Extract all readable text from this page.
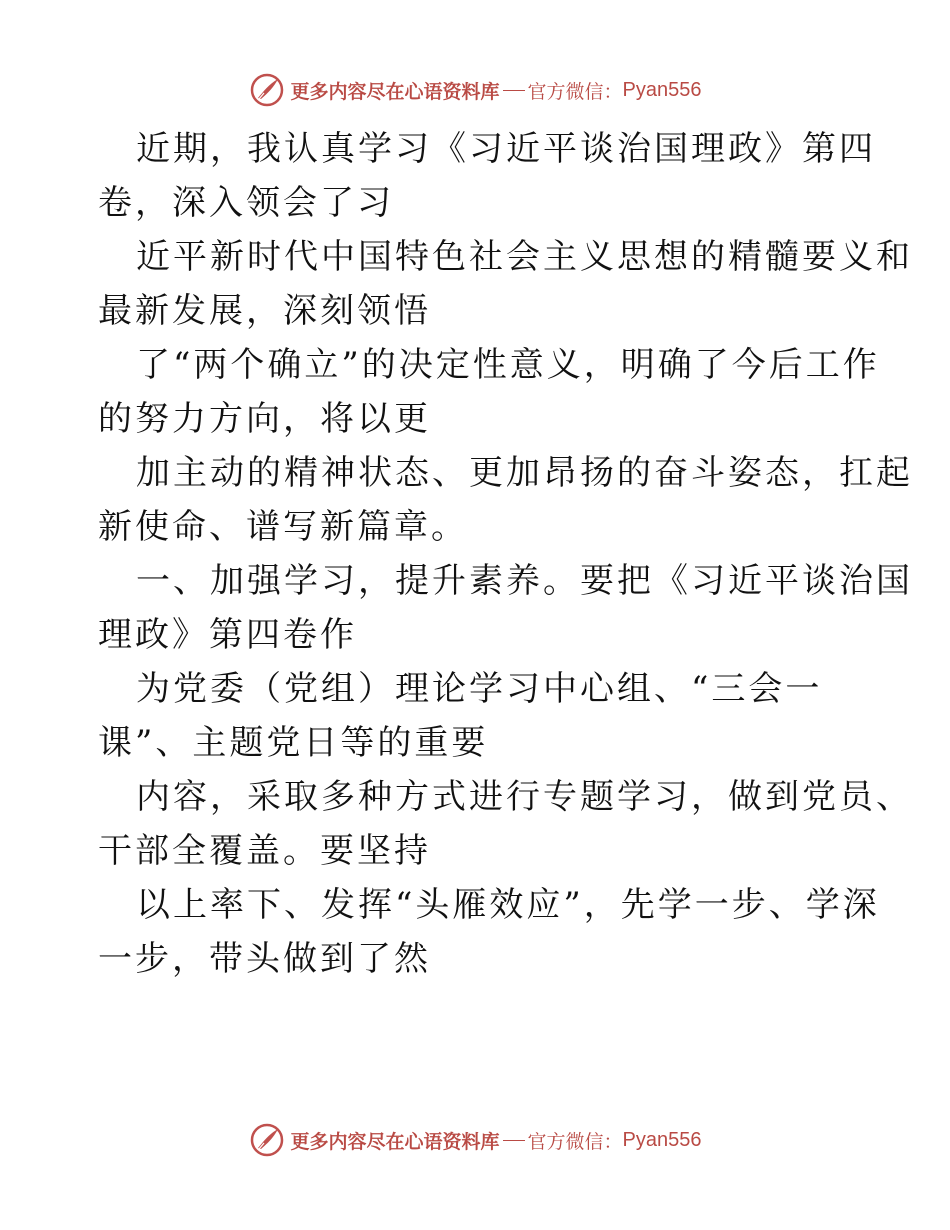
更多内容尽在心语资料库 官方微信： Pyan556
近期，我认真学习《习近平谈治国理政》第四
卷，深入领会了习
近平新时代中国特色社会主义思想的精髓要义和
最新发展，深刻领悟
了“两个确立”的决定性意义，明确了今后工作
的努力方向，将以更
加主动的精神状态、更加昂扬的奋斗姿态，扛起
新使命、谱写新篇章。
一、加强学习，提升素养。要把《习近平谈治国
理政》第四卷作
为党委（党组）理论学习中心组、“三会一
课”、主题党日等的重要
内容，采取多种方式进行专题学习，做到党员、
干部全覆盖。要坚持
以上率下、发挥“头雁效应”，先学一步、学深
一步，带头做到了然
更多内容尽在心语资料库 官方微信： Pyan556
